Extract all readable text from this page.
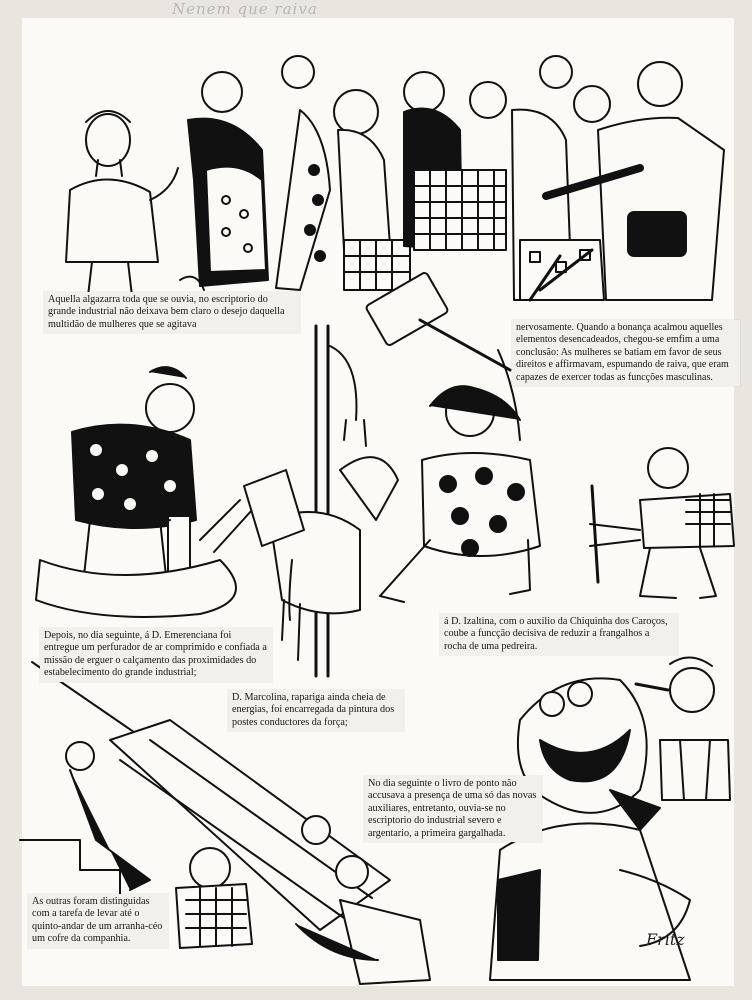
Nenem que raiva
Aquella algazarra toda que se ouvia, no escriptorio do grande industrial não deixava bem claro o desejo daquella multidão de mulheres que se agitava	nervosamente. Quando a bonança acalmou aquelles elementos desencadeados, chegou-se emfim a uma conclusão: As mulheres se batiam em favor de seus direitos e affirmavam, espumando de raiva, que eram capazes de exercer todas as funcções masculinas.
Depois, no dia seguinte, á D. Emerenciana foi entregue um perfurador de ar comprimido e confiada a missão de erguer o calçamento das proximidades do estabelecimento do grande industrial;
á D. Izaltina, com o auxilio da Chiquinha dos Caroços, coube a funcção decisiva de reduzir a frangalhos a rocha de uma pedreira.
D. Marcolina, rapariga ainda cheia de energias, foi encarregada da pintura dos postes conductores da força;
No dia seguinte o livro de ponto não accusava a presença de uma só das novas auxiliares, entretanto, ouvia-se no escriptorio do industrial severo e argentario, a primeira gargalhada.
As outras foram distinguidas com a tarefa de levar até o quinto-andar de um arranha-céo um cofre da companhia.	Fritz
